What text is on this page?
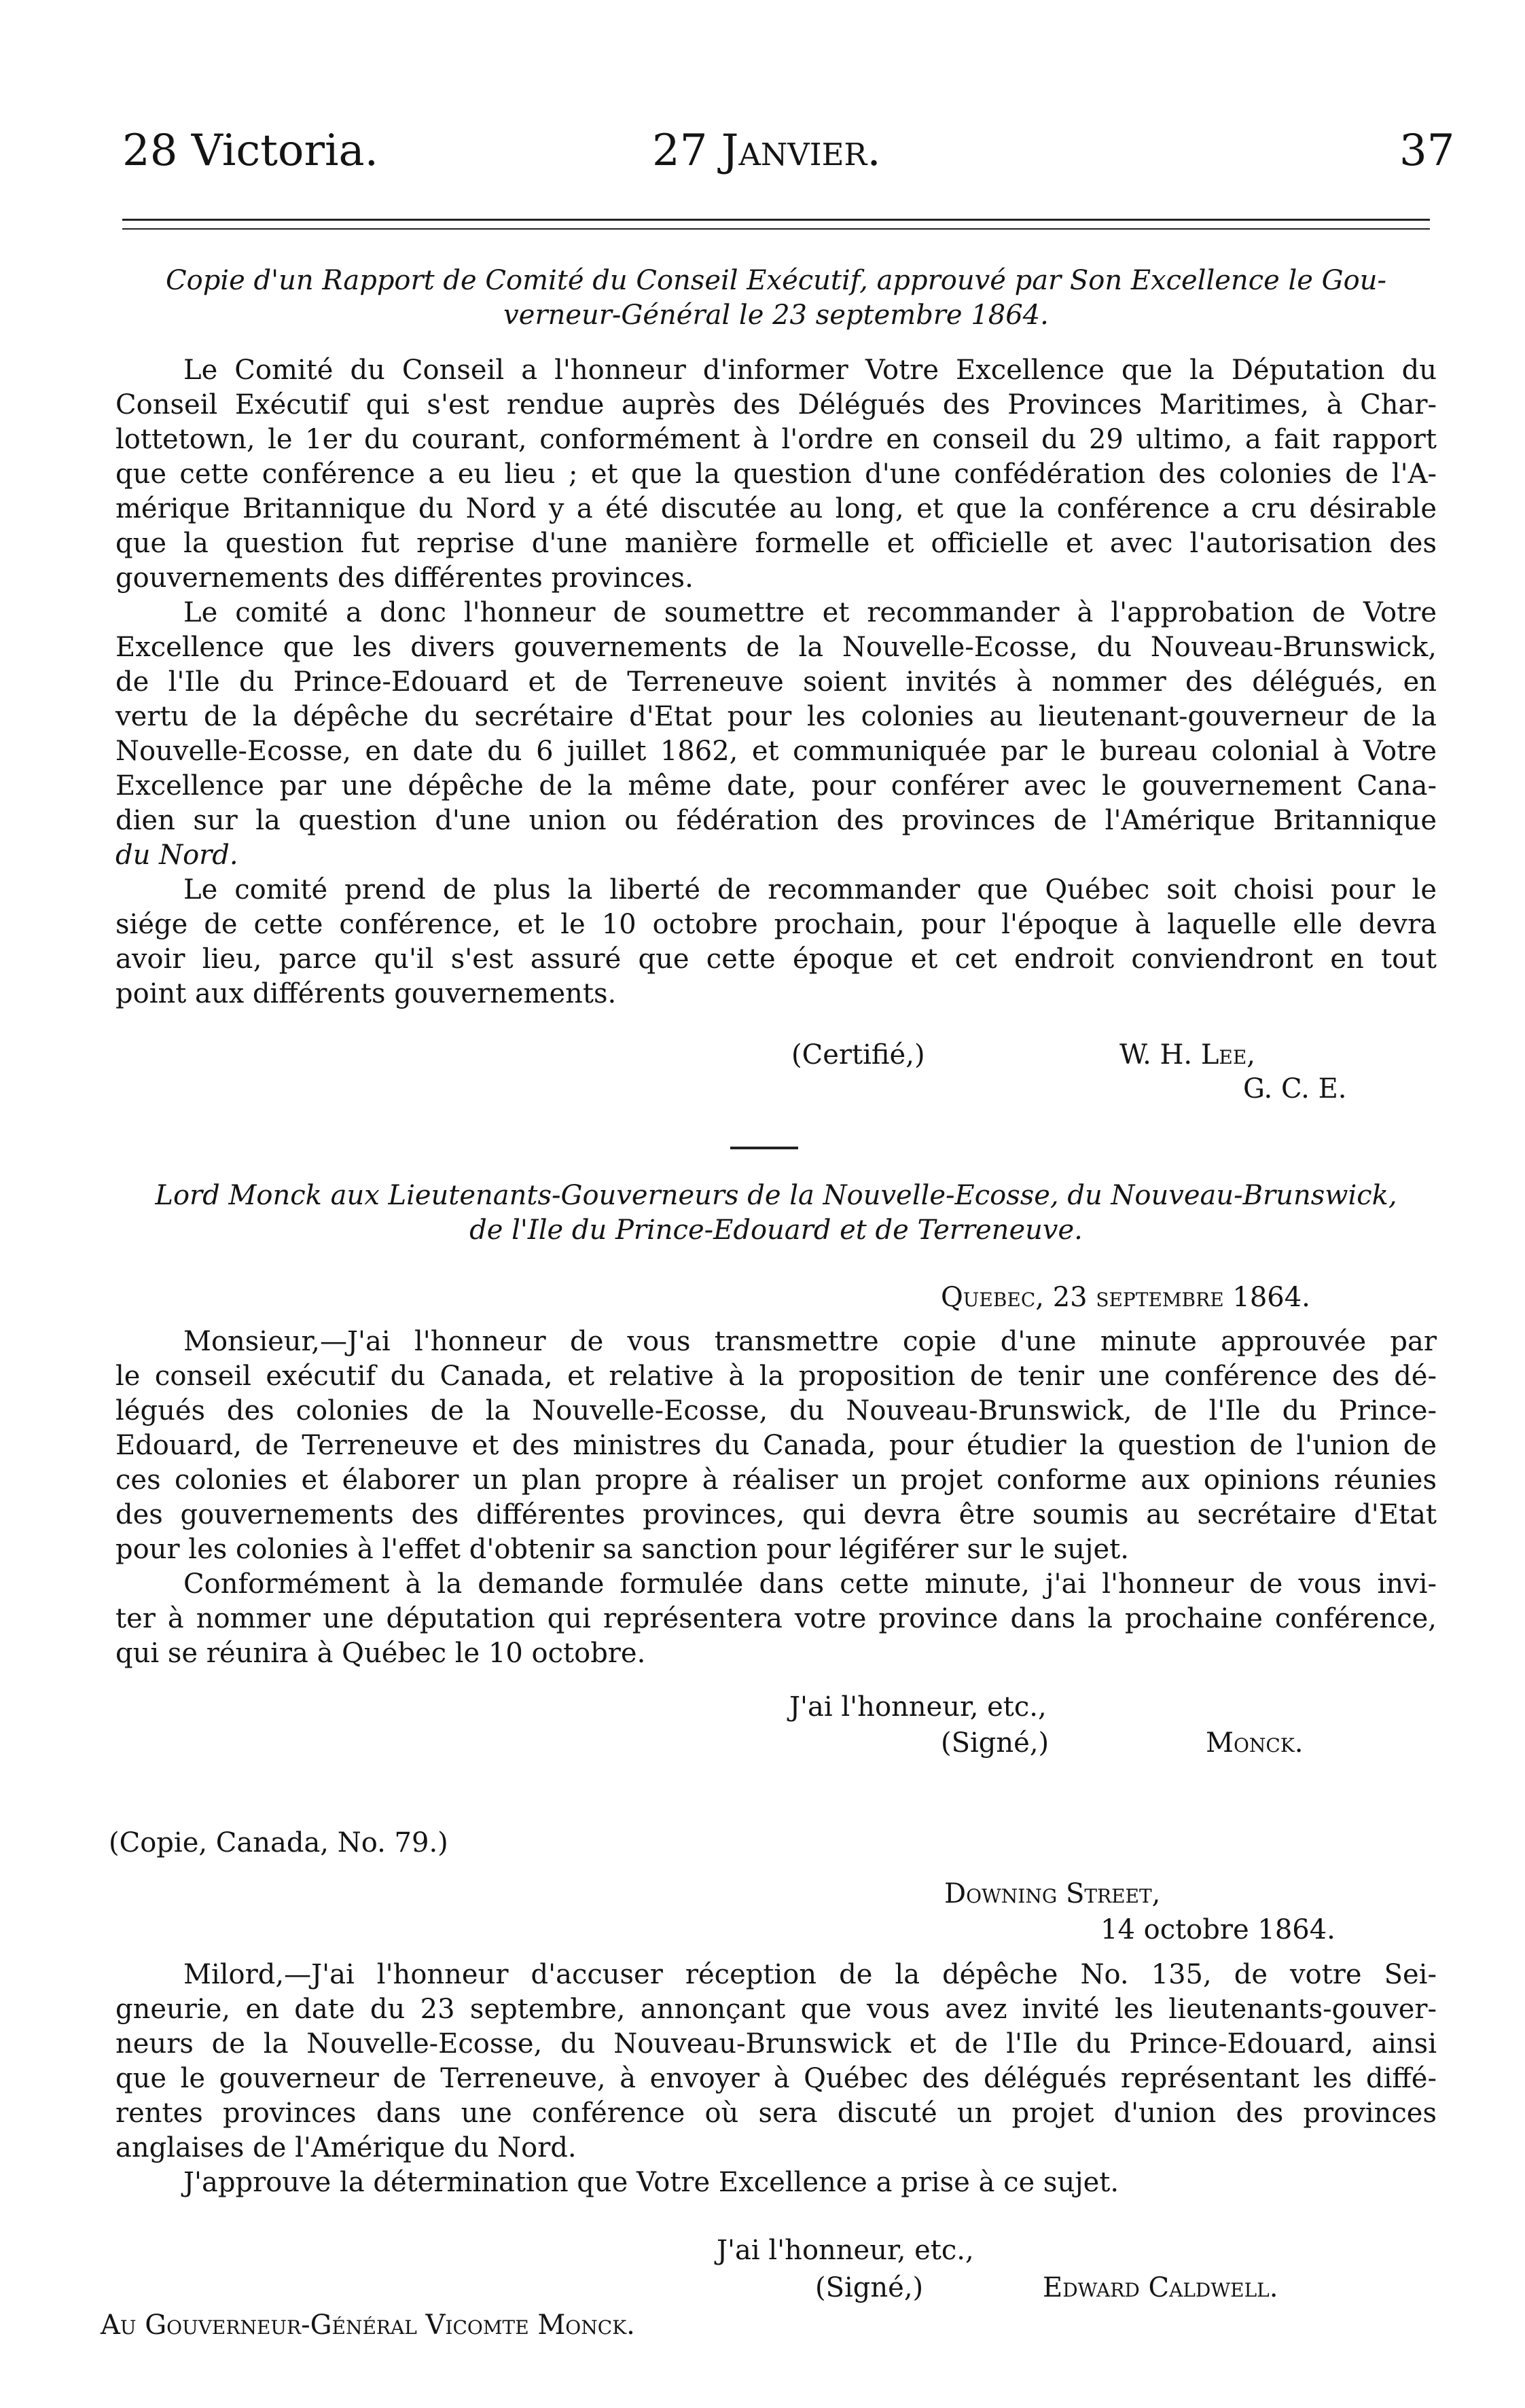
28 Victoria.	27 Janvier.	37
Copie d'un Rapport de Comité du Conseil Exécutif, approuvé par Son Excellence le Gou-
verneur-Général le 23 septembre 1864.
Le Comité du Conseil a l'honneur d'informer Votre Excellence que la Députation du
Conseil Exécutif qui s'est rendue auprès des Délégués des Provinces Maritimes, à Char-
lottetown, le 1er du courant, conformément à l'ordre en conseil du 29 ultimo, a fait rapport
que cette conférence a eu lieu ; et que la question d'une confédération des colonies de l'A-
mérique Britannique du Nord y a été discutée au long, et que la conférence a cru désirable
que la question fut reprise d'une manière formelle et officielle et avec l'autorisation des
gouvernements des différentes provinces.
Le comité a donc l'honneur de soumettre et recommander à l'approbation de Votre
Excellence que les divers gouvernements de la Nouvelle-Ecosse, du Nouveau-Brunswick,
de l'Ile du Prince-Edouard et de Terreneuve soient invités à nommer des délégués, en
vertu de la dépêche du secrétaire d'Etat pour les colonies au lieutenant-gouverneur de la
Nouvelle-Ecosse, en date du 6 juillet 1862, et communiquée par le bureau colonial à Votre
Excellence par une dépêche de la même date, pour conférer avec le gouvernement Cana-
dien sur la question d'une union ou fédération des provinces de l'Amérique Britannique
du Nord.
Le comité prend de plus la liberté de recommander que Québec soit choisi pour le
siége de cette conférence, et le 10 octobre prochain, pour l'époque à laquelle elle devra
avoir lieu, parce qu'il s'est assuré que cette époque et cet endroit conviendront en tout
point aux différents gouvernements.
(Certifié,)	W. H. Lee,
G. C. E.
Lord Monck aux Lieutenants-Gouverneurs de la Nouvelle-Ecosse, du Nouveau-Brunswick,
de l'Ile du Prince-Edouard et de Terreneuve.
Quebec, 23 septembre 1864.
Monsieur,—J'ai l'honneur de vous transmettre copie d'une minute approuvée par
le conseil exécutif du Canada, et relative à la proposition de tenir une conférence des dé-
légués des colonies de la Nouvelle-Ecosse, du Nouveau-Brunswick, de l'Ile du Prince-
Edouard, de Terreneuve et des ministres du Canada, pour étudier la question de l'union de
ces colonies et élaborer un plan propre à réaliser un projet conforme aux opinions réunies
des gouvernements des différentes provinces, qui devra être soumis au secrétaire d'Etat
pour les colonies à l'effet d'obtenir sa sanction pour légiférer sur le sujet.
Conformément à la demande formulée dans cette minute, j'ai l'honneur de vous invi-
ter à nommer une députation qui représentera votre province dans la prochaine conférence,
qui se réunira à Québec le 10 octobre.
J'ai l'honneur, etc.,
(Signé,)	Monck.
(Copie, Canada, No. 79.)
Downing Street,
14 octobre 1864.
Milord,—J'ai l'honneur d'accuser réception de la dépêche No. 135, de votre Sei-
gneurie, en date du 23 septembre, annonçant que vous avez invité les lieutenants-gouver-
neurs de la Nouvelle-Ecosse, du Nouveau-Brunswick et de l'Ile du Prince-Edouard, ainsi
que le gouverneur de Terreneuve, à envoyer à Québec des délégués représentant les diffé-
rentes provinces dans une conférence où sera discuté un projet d'union des provinces
anglaises de l'Amérique du Nord.
J'approuve la détermination que Votre Excellence a prise à ce sujet.
J'ai l'honneur, etc.,
(Signé,)	Edward Caldwell.
Au Gouverneur-Général Vicomte Monck.
